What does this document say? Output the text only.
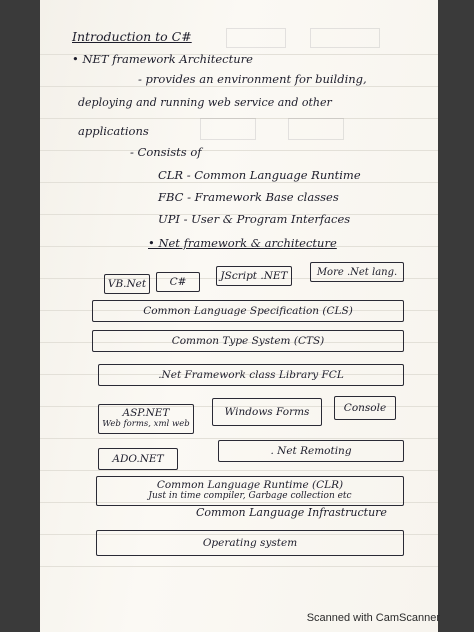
Introduction to C#
• NET framework Architecture
- provides an environment for building,
deploying and running web service and other
applications
- Consists of
CLR - Common Language Runtime
FBC - Framework Base classes
UPI - User & Program Interfaces
• Net framework & architecture
VB.Net	C#	JScript .NET	More .Net lang.
Common Language Specification (CLS)
Common Type System (CTS)
.Net Framework class Library FCL
ASP.NET
Web forms, xml web
Windows Forms	Console
ADO.NET
. Net Remoting
Common Language Runtime (CLR)
Just in time compiler, Garbage collection etc
Common Language Infrastructure
Operating system
Scanned with CamScanner
